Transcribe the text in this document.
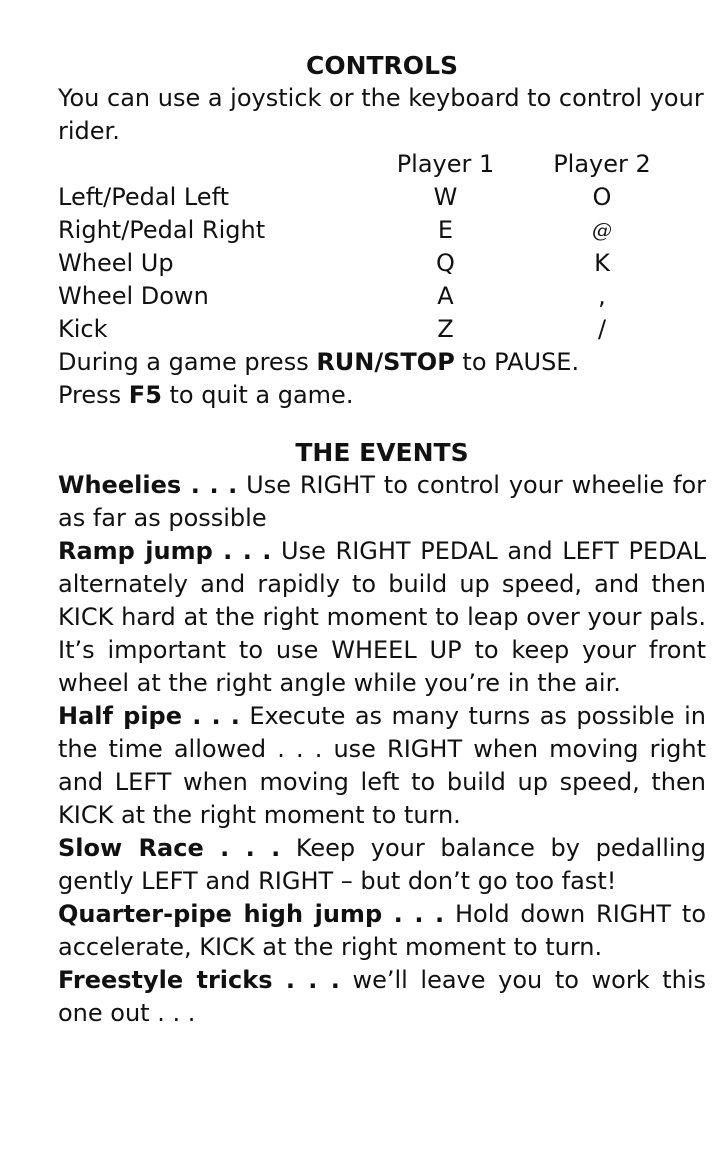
CONTROLS

You can use a joystick or the keyboard to control your rider.

	Player 1	Player 2
Left/Pedal Left	W	O
Right/Pedal Right	E	@
Wheel Up	Q	K
Wheel Down	A	,
Kick	Z	/

During a game press RUN/STOP to PAUSE.

Press F5 to quit a game.

THE EVENTS

Wheelies . . . Use RIGHT to control your wheelie for as far as possible

Ramp jump . . . Use RIGHT PEDAL and LEFT PEDAL alternately and rapidly to build up speed, and then KICK hard at the right moment to leap over your pals. It’s important to use WHEEL UP to keep your front wheel at the right angle while you’re in the air.

Half pipe . . . Execute as many turns as possible in the time allowed . . . use RIGHT when moving right and LEFT when moving left to build up speed, then KICK at the right moment to turn.

Slow Race . . . Keep your balance by pedalling gently LEFT and RIGHT – but don’t go too fast!

Quarter-pipe high jump . . . Hold down RIGHT to accelerate, KICK at the right moment to turn.

Freestyle tricks . . . we’ll leave you to work this one out . . .
